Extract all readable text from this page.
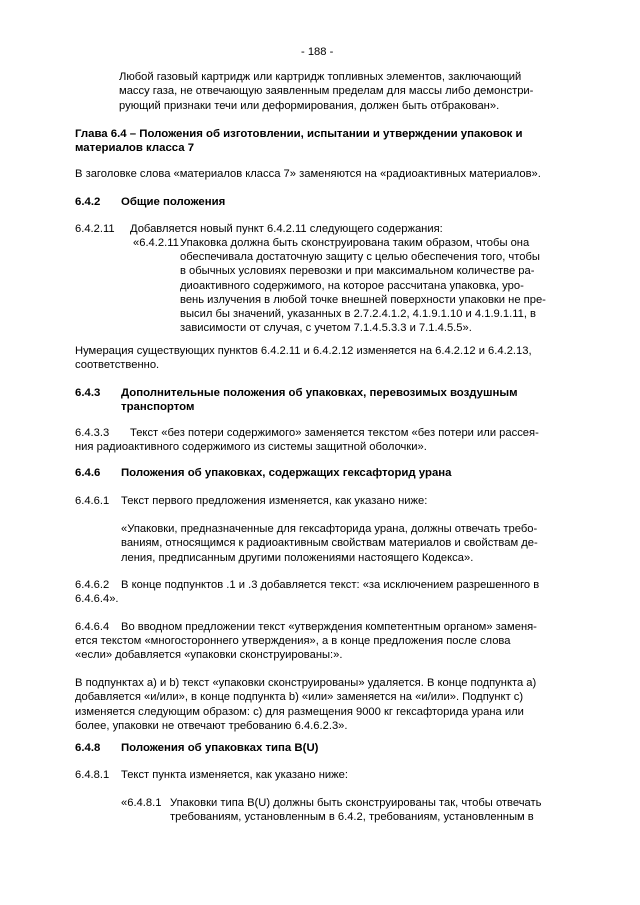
- 188 -
Любой газовый картридж или картридж топливных элементов, заключающий
массу газа, не отвечающую заявленным пределам для массы либо демонстри-
рующий признаки течи или деформирования, должен быть отбракован».
Глава 6.4 – Положения об изготовлении, испытании и утверждении упаковок и
материалов класса 7
В заголовке слова «материалов класса 7» заменяются на «радиоактивных материалов».
6.4.2 Общие положения
6.4.2.11 Добавляется новый пункт 6.4.2.11 следующего содержания:
«6.4.2.11 Упаковка должна быть сконструирована таким образом, чтобы она
обеспечивала достаточную защиту с целью обеспечения того, чтобы
в обычных условиях перевозки и при максимальном количестве ра-
диоактивного содержимого, на которое рассчитана упаковка, уро-
вень излучения в любой точке внешней поверхности упаковки не пре-
высил бы значений, указанных в 2.7.2.4.1.2, 4.1.9.1.10 и 4.1.9.1.11, в
зависимости от случая, с учетом 7.1.4.5.3.3 и 7.1.4.5.5».
Нумерация существующих пунктов 6.4.2.11 и 6.4.2.12 изменяется на 6.4.2.12 и 6.4.2.13,
соответственно.
6.4.3 Дополнительные положения об упаковках, перевозимых воздушным
транспортом
6.4.3.3 Текст «без потери содержимого» заменяется текстом «без потери или рассея-
ния радиоактивного содержимого из системы защитной оболочки».
6.4.6 Положения об упаковках, содержащих гексафторид урана
6.4.6.1 Текст первого предложения изменяется, как указано ниже:
«Упаковки, предназначенные для гексафторида урана, должны отвечать требо-
ваниям, относящимся к радиоактивным свойствам материалов и свойствам де-
ления, предписанным другими положениями настоящего Кодекса».
6.4.6.2 В конце подпунктов .1 и .3 добавляется текст: «за исключением разрешенного в
6.4.6.4».
6.4.6.4 Во вводном предложении текст «утверждения компетентным органом» заменя-
ется текстом «многостороннего утверждения», а в конце предложения после слова
«если» добавляется «упаковки сконструированы:».
В подпунктах a) и b) текст «упаковки сконструированы» удаляется. В конце подпункта a)
добавляется «и/или», в конце подпункта b) «или» заменяется на «и/или». Подпункт c)
изменяется следующим образом: c) для размещения 9000 кг гексафторида урана или
более, упаковки не отвечают требованию 6.4.6.2.3».
6.4.8 Положения об упаковках типа B(U)
6.4.8.1 Текст пункта изменяется, как указано ниже:
«6.4.8.1 Упаковки типа B(U) должны быть сконструированы так, чтобы отвечать
требованиям, установленным в 6.4.2, требованиям, установленным в
